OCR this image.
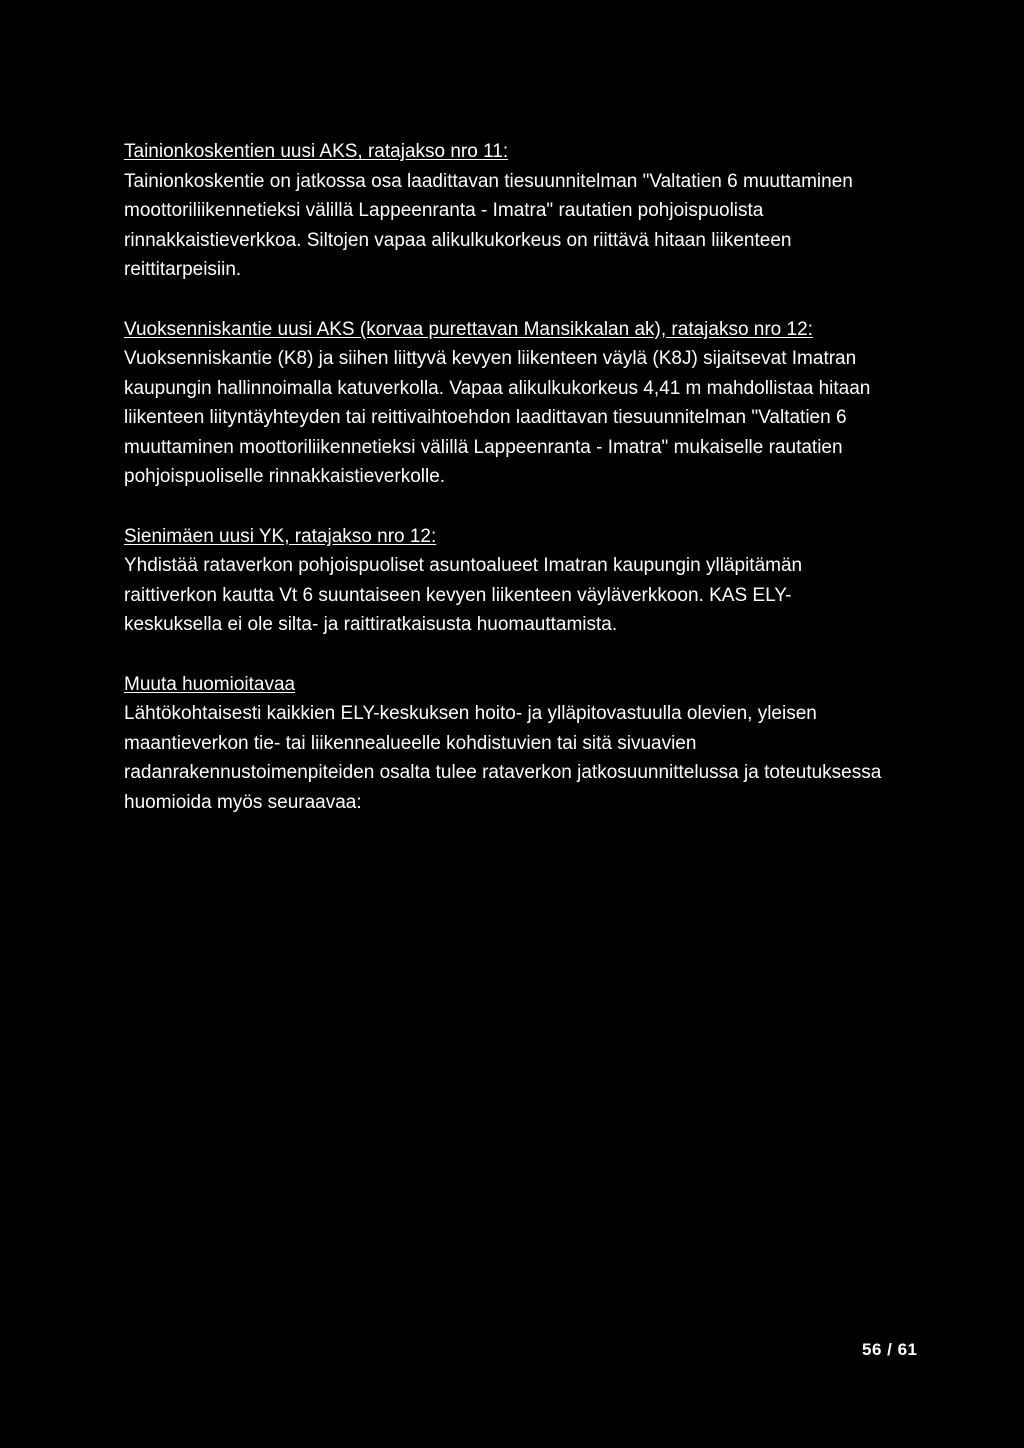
Tainionkoskentien uusi AKS, ratajakso nro 11:

Tainionkoskentie on jatkossa osa laadittavan tiesuunnitelman "Valtatien 6 muuttaminen moottoriliikennetieksi välillä Lappeenranta - Imatra" rautatien pohjoispuolista rinnakkaistieverkkoa. Siltojen vapaa alikulkukorkeus on riittävä hitaan liikenteen reittitarpeisiin.

Vuoksenniskantie uusi AKS (korvaa purettavan Mansikkalan ak), ratajakso nro 12:

Vuoksenniskantie (K8) ja siihen liittyvä kevyen liikenteen väylä (K8J) sijaitsevat Imatran kaupungin hallinnoimalla katuverkolla. Vapaa alikulkukorkeus 4,41 m mahdollistaa hitaan liikenteen liityntäyhteyden tai reittivaihtoehdon laadittavan tiesuunnitelman "Valtatien 6 muuttaminen moottoriliikennetieksi välillä Lappeenranta - Imatra" mukaiselle rautatien pohjoispuoliselle rinnakkaistieverkolle.

Sienimäen uusi YK, ratajakso nro 12:

Yhdistää rataverkon pohjoispuoliset asuntoalueet Imatran kaupungin ylläpitämän raittiverkon kautta Vt 6 suuntaiseen kevyen liikenteen väyläverkkoon. KAS ELY-keskuksella ei ole silta- ja raittiratkaisusta huomauttamista.

Muuta huomioitavaa

Lähtökohtaisesti kaikkien ELY-keskuksen hoito- ja ylläpitovastuulla olevien, yleisen maantieverkon tie- tai liikennealueelle kohdistuvien tai sitä sivuavien radanrakennustoimenpiteiden osalta tulee rataverkon jatkosuunnittelussa ja toteutuksessa huomioida myös seuraavaa:

56 / 61
